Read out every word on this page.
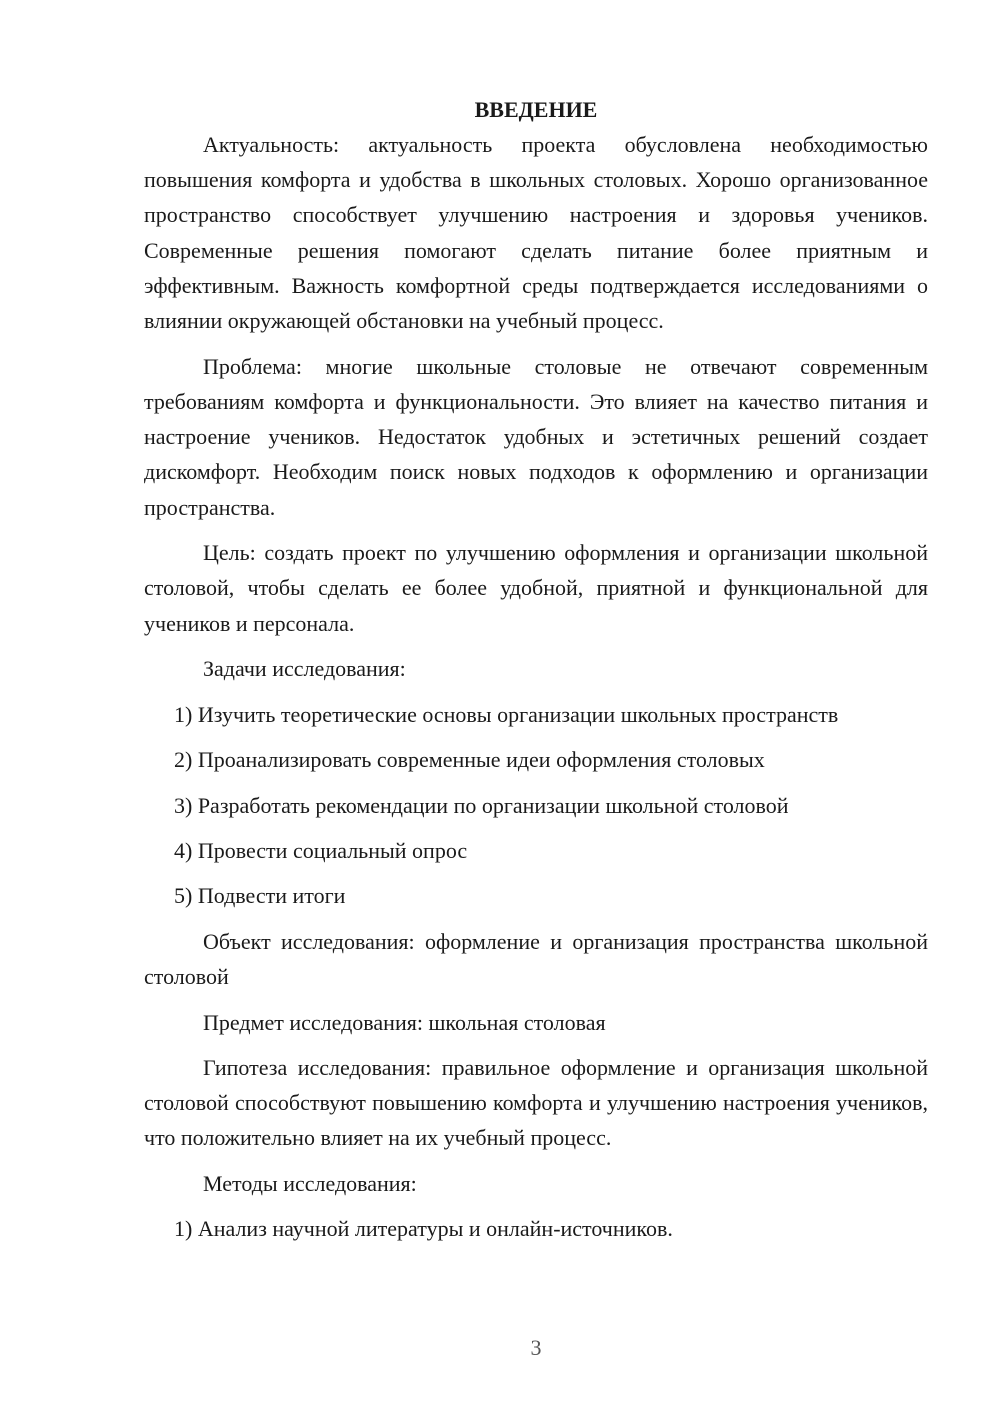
ВВЕДЕНИЕ

Актуальность: актуальность проекта обусловлена необходимостью повышения комфорта и удобства в школьных столовых. Хорошо организованное пространство способствует улучшению настроения и здоровья учеников. Современные решения помогают сделать питание более приятным и эффективным. Важность комфортной среды подтверждается исследованиями о влиянии окружающей обстановки на учебный процесс.

Проблема: многие школьные столовые не отвечают современным требованиям комфорта и функциональности. Это влияет на качество питания и настроение учеников. Недостаток удобных и эстетичных решений создает дискомфорт. Необходим поиск новых подходов к оформлению и организации пространства.

Цель: создать проект по улучшению оформления и организации школьной столовой, чтобы сделать ее более удобной, приятной и функциональной для учеников и персонала.

Задачи исследования:
1) Изучить теоретические основы организации школьных пространств
2) Проанализировать современные идеи оформления столовых
3) Разработать рекомендации по организации школьной столовой
4) Провести социальный опрос
5) Подвести итоги

Объект исследования: оформление и организация пространства школьной столовой

Предмет исследования: школьная столовая

Гипотеза исследования: правильное оформление и организация школьной столовой способствуют повышению комфорта и улучшению настроения учеников, что положительно влияет на их учебный процесс.

Методы исследования:
1) Анализ научной литературы и онлайн-источников.
3
